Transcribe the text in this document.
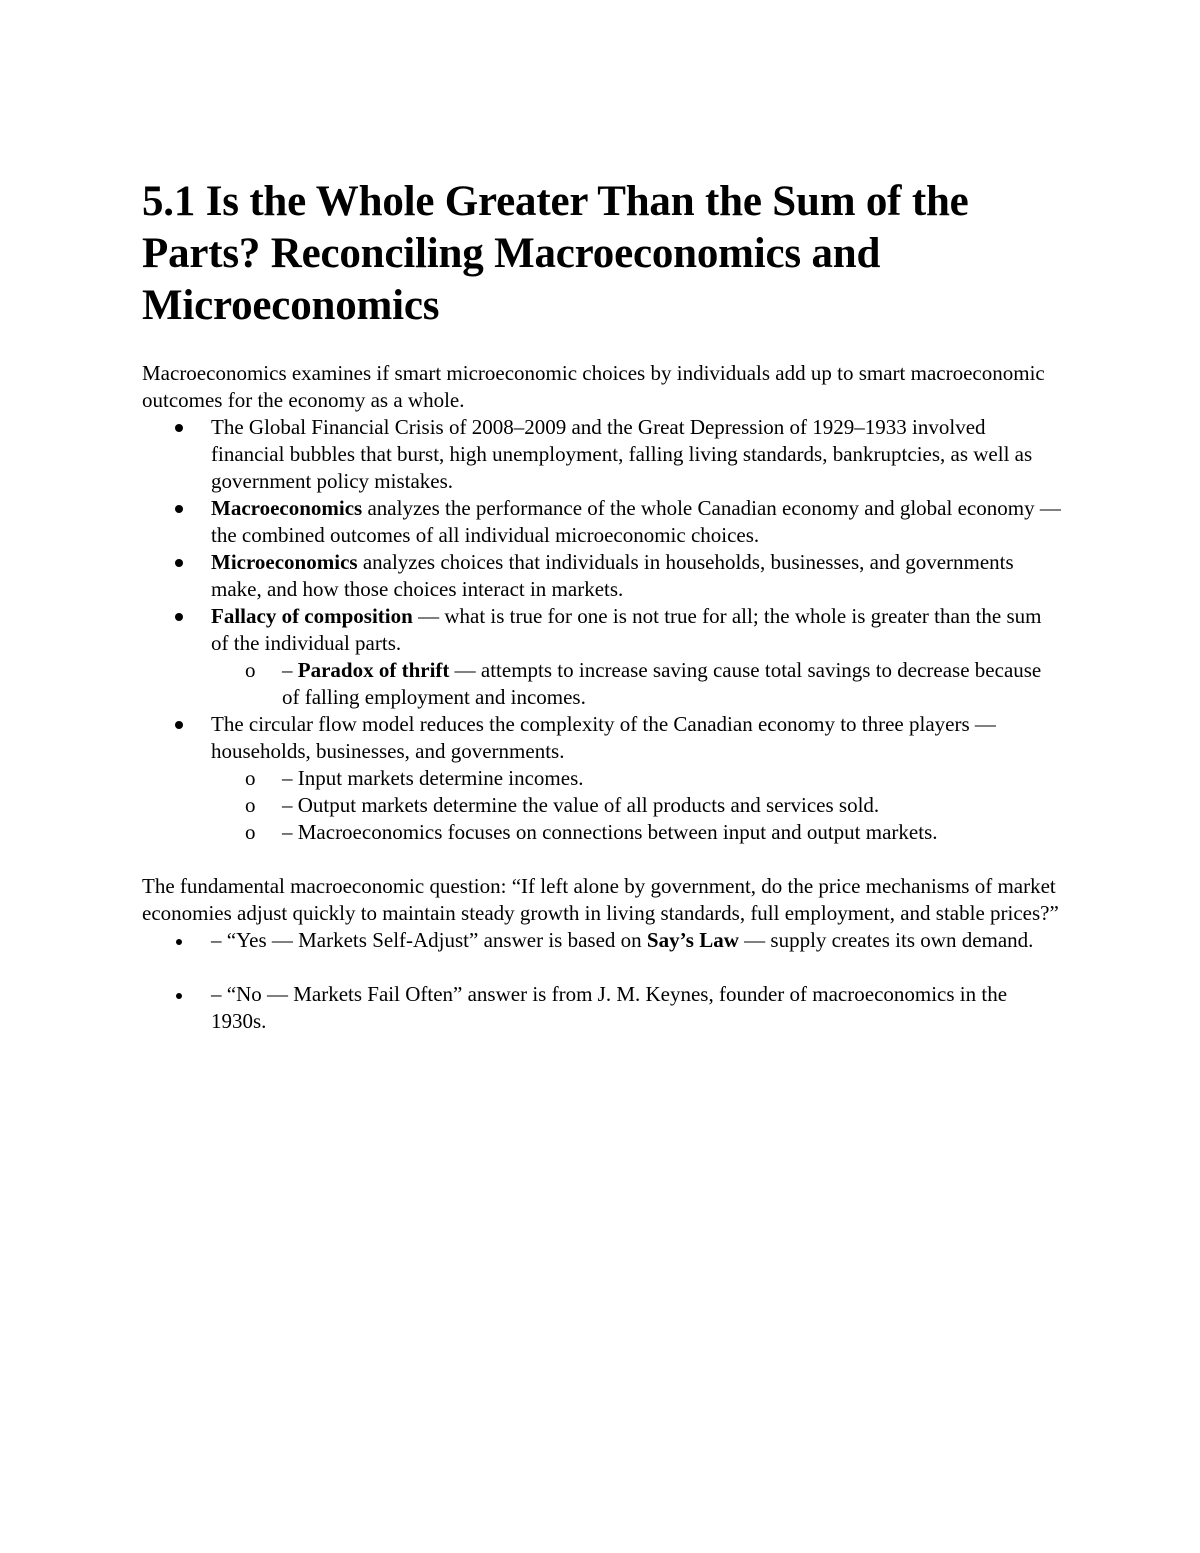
5.1 Is the Whole Greater Than the Sum of the Parts? Reconciling Macroeconomics and Microeconomics

Macroeconomics examines if smart microeconomic choices by individuals add up to smart macroeconomic outcomes for the economy as a whole.

The Global Financial Crisis of 2008–2009 and the Great Depression of 1929–1933 involved financial bubbles that burst, high unemployment, falling living standards, bankruptcies, as well as government policy mistakes.
Macroeconomics analyzes the performance of the whole Canadian economy and global economy — the combined outcomes of all individual microeconomic choices.
Microeconomics analyzes choices that individuals in households, businesses, and governments make, and how those choices interact in markets.
Fallacy of composition — what is true for one is not true for all; the whole is greater than the sum of the individual parts.
o – Paradox of thrift — attempts to increase saving cause total savings to decrease because of falling employment and incomes.
The circular flow model reduces the complexity of the Canadian economy to three players — households, businesses, and governments.
o – Input markets determine incomes.
o – Output markets determine the value of all products and services sold.
o – Macroeconomics focuses on connections between input and output markets.

The fundamental macroeconomic question: “If left alone by government, do the price mechanisms of market economies adjust quickly to maintain steady growth in living standards, full employment, and stable prices?”

– “Yes — Markets Self-Adjust” answer is based on Say’s Law — supply creates its own demand.
– “No — Markets Fail Often” answer is from J. M. Keynes, founder of macroeconomics in the 1930s.
